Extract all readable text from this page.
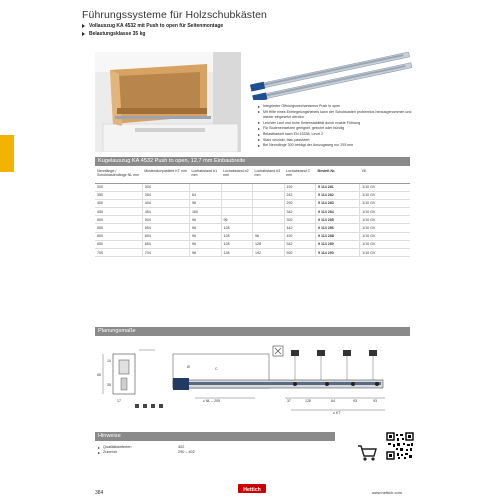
Führungssysteme für Holzschubkästen
Vollauszug KA 4532 mit Push to open für Seitenmontage
Belastungsklasse 35 kg
Integrierter Öffnungsmechanismus Push to open
Mit Hilfe eines Entriegelungshebels kann der Schubkasten problemlos herausgenommen und wieder eingesetzt werden
Leichter Lauf und hohe Seitenstabilität durch exakte Führung
Für Bodeneinsetzen geeignet, gebohrt oder bündig
Belastbarkeit nach EN 15338, Level 2
Stahl verzinkt, blau passiviert
Bei Nennlänge 300 beträgt der Auszugsweg nur 293 mm
Kugelauszug KA 4532 Push to open, 12,7 mm Einbaubreite
Nennlänge / Schubkastenlänge NL mm	Mindestkorpustiefe KT mm	Lochabstand b1 mm	Lochabstand b2 mm	Lochabstand b3 mm	Lochabstand C mm	Bestell-Nr.	VE
300	304				192	9 114 281	1/10 GV
350	354	64			242	9 114 282	1/10 GV
400	404	96			292	9 114 283	1/10 GV
450	454	160			342	9 114 284	1/10 GV
500	504	96	96		392	9 114 285	1/10 GV
550	554	96	128		442	9 114 286	1/10 GV
600	604	96	128	96	492	9 114 288	1/10 GV
650	654	96	128	128	542	9 114 289	1/10 GV
700	704	96	128	192	592	9 114 290	1/10 GV
Planungsmaße
65
10
35
17
C
Ø
37	128	64	93	93
≥ NL – 205
≥ KT
Hinweise
Qualitätskriterien	402
Zubehör	290 – 402
384
Hettich	www.hettich.com
